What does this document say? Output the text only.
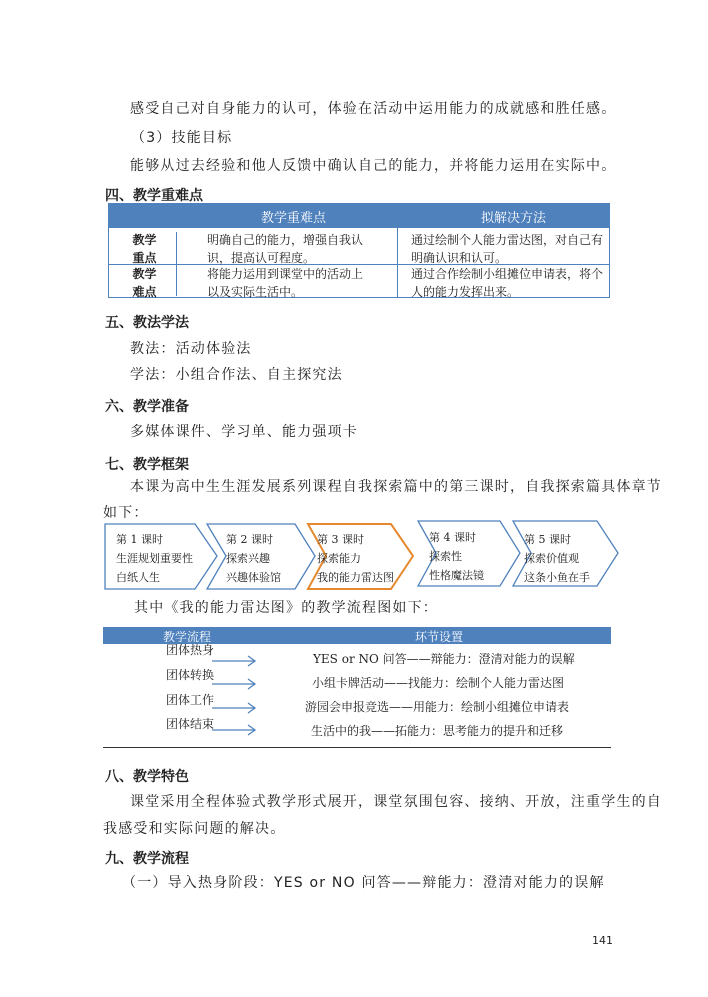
感受自己对自身能力的认可，体验在活动中运用能力的成就感和胜任感。
（3）技能目标
能够从过去经验和他人反馈中确认自己的能力，并将能力运用在实际中。
四、教学重难点
教学重难点	拟解决方法
教学
重点
明确自己的能力，增强自我认
识，提高认可程度。
通过绘制个人能力雷达图，对自己有
明确认识和认可。
教学
难点
将能力运用到课堂中的活动上
以及实际生活中。
通过合作绘制小组摊位申请表，将个
人的能力发挥出来。
五、教法学法
教法：活动体验法
学法：小组合作法、自主探究法
六、教学准备
多媒体课件、学习单、能力强项卡
七、教学框架
本课为高中生生涯发展系列课程自我探索篇中的第三课时，自我探索篇具体章节
如下：
第 1 课时
生涯规划重要性
白纸人生
第 2 课时
探索兴趣
兴趣体验馆
第 3 课时
探索能力
我的能力雷达图
第 4 课时
探索性
性格魔法镜
第 5 课时
探索价值观
这条小鱼在手
其中《我的能力雷达图》的教学流程图如下：
教学流程	环节设置
团体热身
团体转换
团体工作
团体结束
YES or NO 问答——辩能力：澄清对能力的误解
小组卡牌活动——找能力：绘制个人能力雷达图
游园会申报竞选——用能力：绘制小组摊位申请表
生活中的我——拓能力：思考能力的提升和迁移
八、教学特色
课堂采用全程体验式教学形式展开，课堂氛围包容、接纳、开放，注重学生的自
我感受和实际问题的解决。
九、教学流程
（一）导入热身阶段：YES or NO 问答——辩能力：澄清对能力的误解
141
